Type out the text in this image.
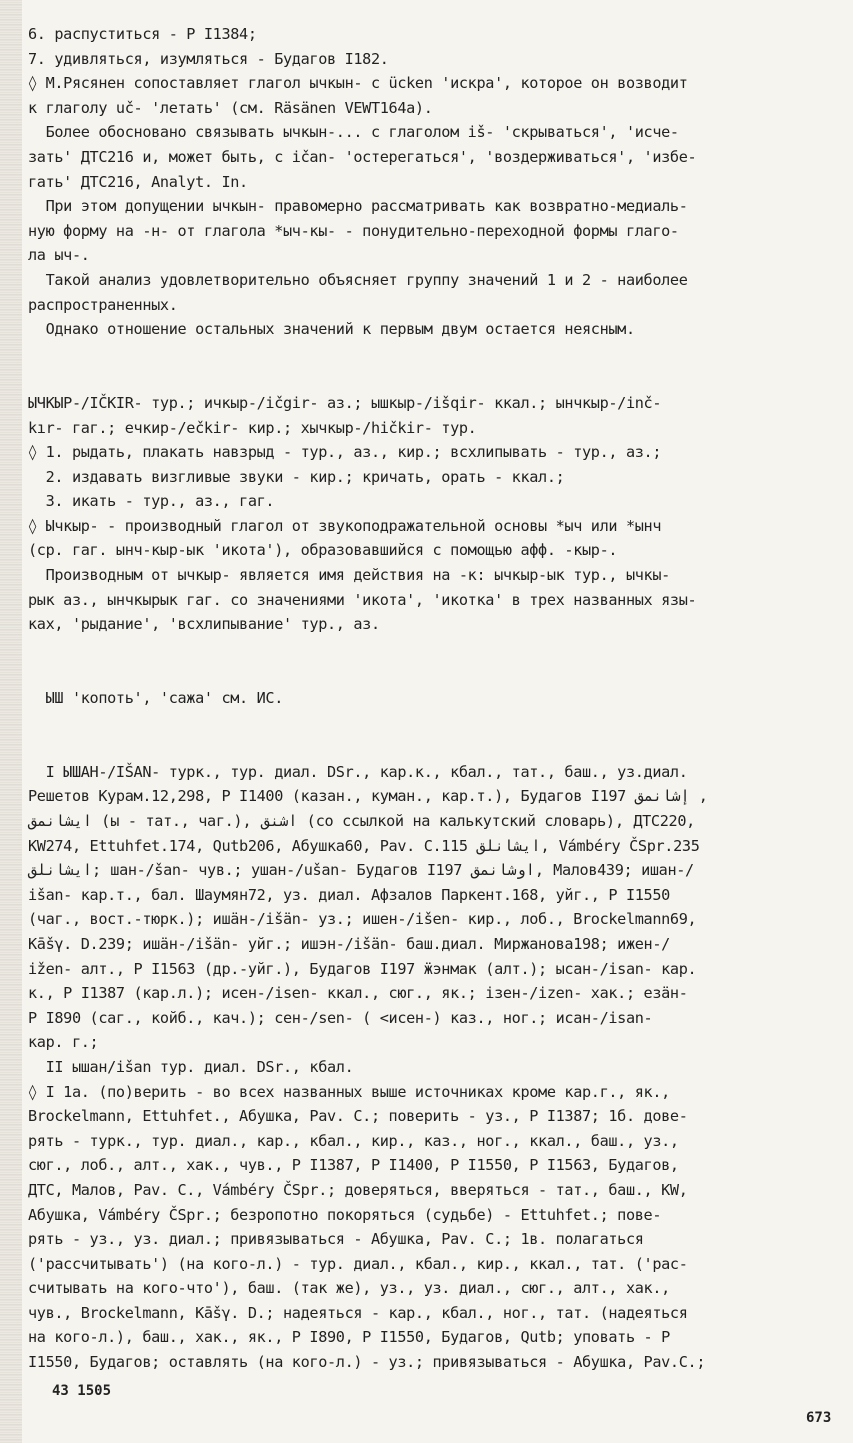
6. распуститься - P I1384;
7. удивляться, изумляться - Будагов I182.
◊ М.Рясянен сопоставляет глагол ычкын- с ücken 'искра', которое он возводит
к глаголу uč- 'летать' (см. Räsänen VEWT164a).
Более обосновано связывать ычкын-... с глаголом iš- 'скрываться', 'исче-
зать' ДТС216 и, может быть, с ičan- 'остерегаться', 'воздерживаться', 'избе-
гать' ДТС216, Analyt. In.
При этом допущении ычкын- правомерно рассматривать как возвратно-медиаль-
ную форму на -н- от глагола *ыч-кы- - понудительно-переходной формы глаго-
ла ыч-.
Такой анализ удовлетворительно объясняет группу значений 1 и 2 - наиболее
распространенных.
Однако отношение остальных значений к первым двум остается неясным.
ЫЧКЫР-/IČKIR- тур.; ичкыр-/ičgir- аз.; ышкыр-/išqir- ккал.; ынчкыр-/inč-
kır- гаг.; ечкир-/ečkir- кир.; хычкыр-/hičkir- тур.
◊ 1. рыдать, плакать навзрыд - тур., аз., кир.; всхлипывать - тур., аз.;
2. издавать визгливые звуки - кир.; кричать, орать - ккал.;
3. икать - тур., аз., гаг.
◊ Ычкыр- - производный глагол от звукоподражательной основы *ыч или *ынч
(ср. гаг. ынч-кыр-ык 'икота'), образовавшийся с помощью афф. -кыр-.
Производным от ычкыр- является имя действия на -к: ычкыр-ык тур., ычкы-
рык аз., ынчкырык гаг. со значениями 'икота', 'икотка' в трех названных язы-
ках, 'рыдание', 'всхлипывание' тур., аз.
ЫШ 'копоть', 'сажа' см. ИС.
I ЫШАН-/IŠAN- турк., тур. диал. DSr., кар.к., кбал., тат., баш., уз.диал.
Решетов Курам.12,298, P I1400 (казан., куман., кар.т.), Будагов I197 ‎إشانمق ,
ايشانمق (ы - тат., чаг.), اشنق (со ссылкой на калькутский словарь), ДТС220,
KW274, Ettuhfet.174, Qutb206, Абушка60, Pav. C.115 ايشانلق, Vámbéry ČSpr.235
ايشانلق; шан-/šan- чув.; ушан-/ušan- Будагов I197 اوشانمق, Малов439; ишан-/
išan- кар.т., бал. Шаумян72, уз. диал. Афзалов Паркент.168, уйг., P I1550
(чаг., вост.-тюрк.); ишӓн-/išän- уз.; ишен-/išen- кир., лоб., Brockelmann69,
Kāšγ. D.239; ишӓн-/išän- уйг.; ишэн-/išän- баш.диал. Миржанова198; ижен-/
ižen- алт., P I1563 (др.-уйг.), Будагов I197 ӝэнмак (алт.); ысан-/isan- кар.
к., P I1387 (кар.л.); исен-/isen- ккал., сюг., як.; ізен-/izen- хак.; езӓн-
P I890 (саг., койб., кач.); сен-/sen- ( <исен-) каз., ног.; исан-/isan-
кар. г.;
II ышан/išan тур. диал. DSr., кбал.
◊ I 1а. (по)верить - во всех названных выше источниках кроме кар.г., як.,
Brockelmann, Ettuhfet., Абушка, Pav. C.; поверить - уз., P I1387; 1б. дове-
рять - турк., тур. диал., кар., кбал., кир., каз., ног., ккал., баш., уз.,
сюг., лоб., алт., хак., чув., P I1387, P I1400, P I1550, P I1563, Будагов,
ДТС, Малов, Pav. C., Vámbéry ČSpr.; доверяться, вверяться - тат., баш., KW,
Абушка, Vámbéry ČSpr.; безропотно покоряться (судьбе) - Ettuhfet.; пове-
рять - уз., уз. диал.; привязываться - Абушка, Pav. C.; 1в. полагаться
('рассчитывать') (на кого-л.) - тур. диал., кбал., кир., ккал., тат. ('рас-
считывать на кого-что'), баш. (так же), уз., уз. диал., сюг., алт., хак.,
чув., Brockelmann, Kāšγ. D.; надеяться - кар., кбал., ног., тат. (надеяться
на кого-л.), баш., хак., як., P I890, P I1550, Будагов, Qutb; уповать - P
I1550, Будагов; оставлять (на кого-л.) - уз.; привязываться - Абушка, Pav.C.;
43 1505
673
